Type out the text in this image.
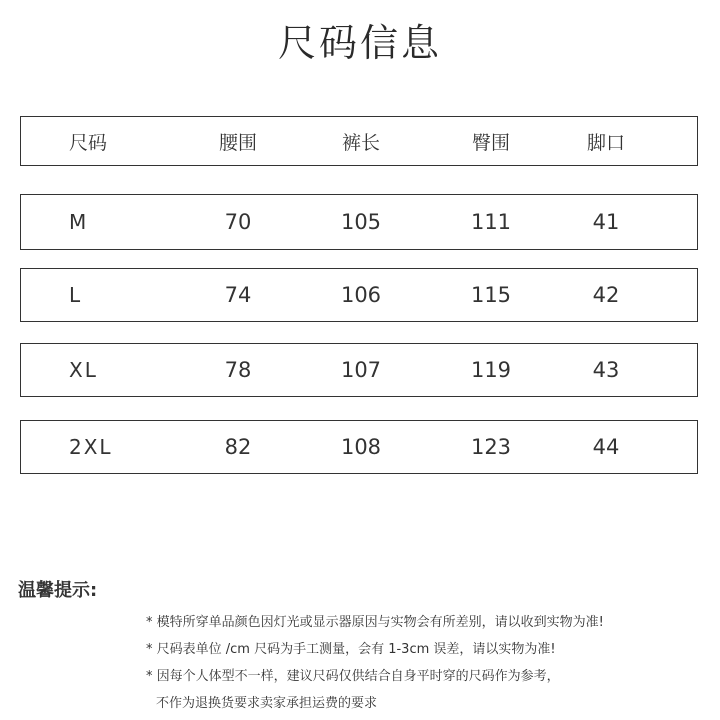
尺码信息
尺码	腰围	裤长	臀围	脚口
M	70	105	111	41
L	74	106	115	42
XL	78	107	119	43
2XL	82	108	123	44
温馨提示:
* 模特所穿单品颜色因灯光或显示器原因与实物会有所差别，请以收到实物为准!
* 尺码表单位 /cm 尺码为手工测量，会有 1-3cm 误差，请以实物为准!
* 因每个人体型不一样，建议尺码仅供结合自身平时穿的尺码作为参考，
不作为退换货要求卖家承担运费的要求
